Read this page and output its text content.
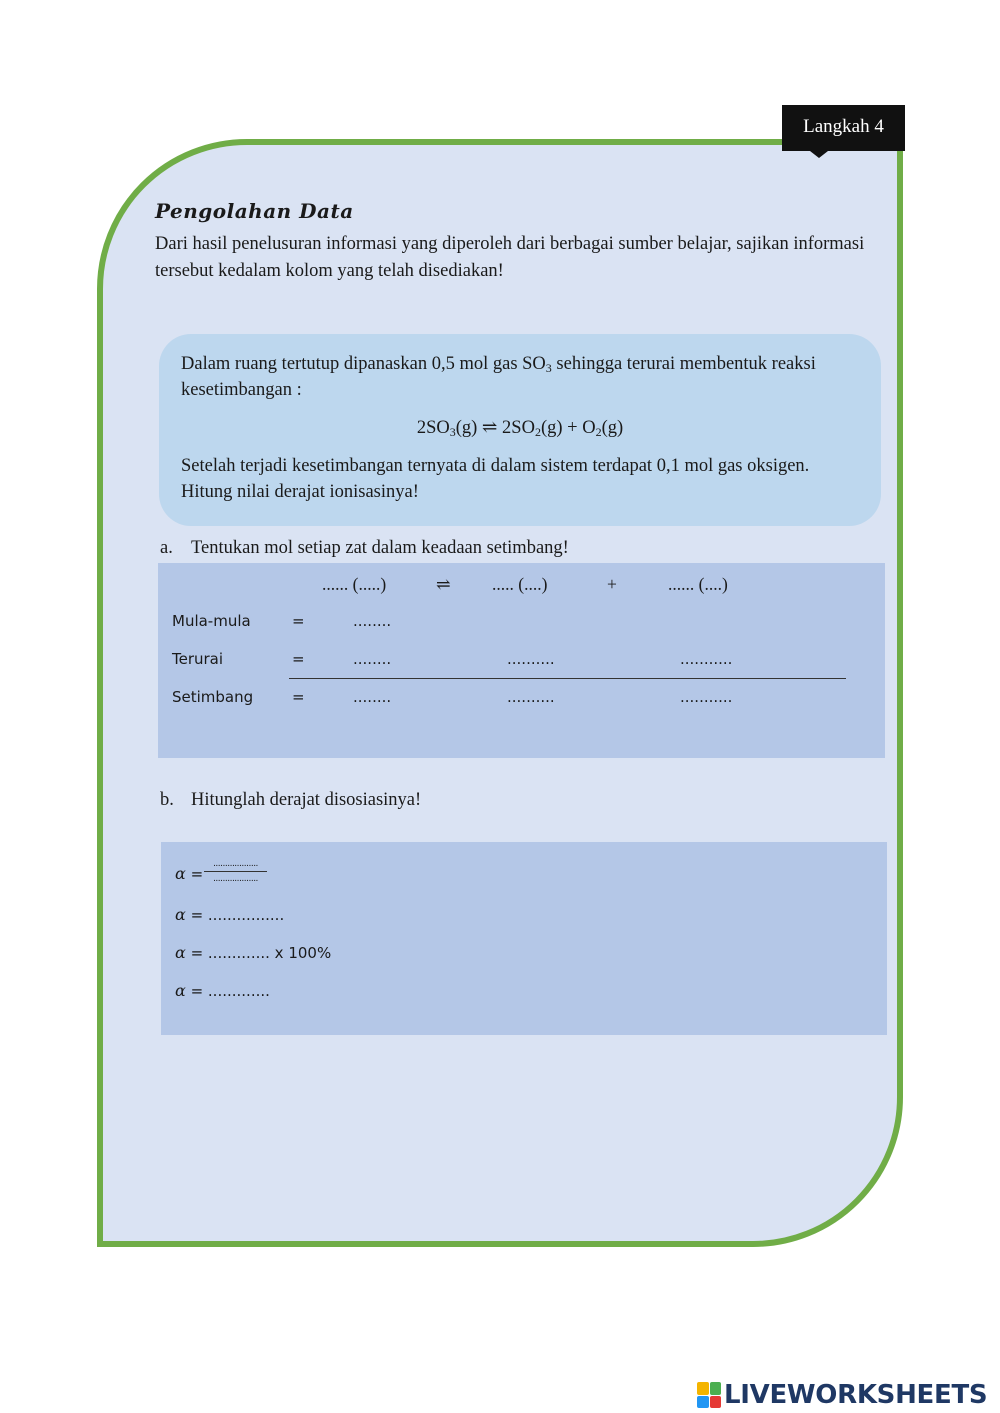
Langkah 4
Pengolahan Data
Dari hasil penelusuran informasi yang diperoleh dari berbagai sumber belajar, sajikan informasi tersebut kedalam kolom yang telah disediakan!

Dalam ruang tertutup dipanaskan 0,5 mol gas $SO_3$ sehingga terurai membentuk reaksi kesetimbangan :

$2SO_3(g)$ ⇌ $2SO_2(g) + O_2(g)$

Setelah terjadi kesetimbangan ternyata di dalam sistem terdapat 0,1 mol gas oksigen. Hitung nilai derajat ionisasinya!

a. Tentukan mol setiap zat dalam keadaan setimbang!
...... (.....)	⇌ ..... (....)	+	...... (....)
Mula-mula	=	........
Terurai	=	........	..........	...........
Setimbang	=	........	..........	...........
b. Hitunglah derajat disosiasinya!
α =
...................
...................
α = ................
α = ............. x 100%
α = .............
LIVEWORKSHEETS
